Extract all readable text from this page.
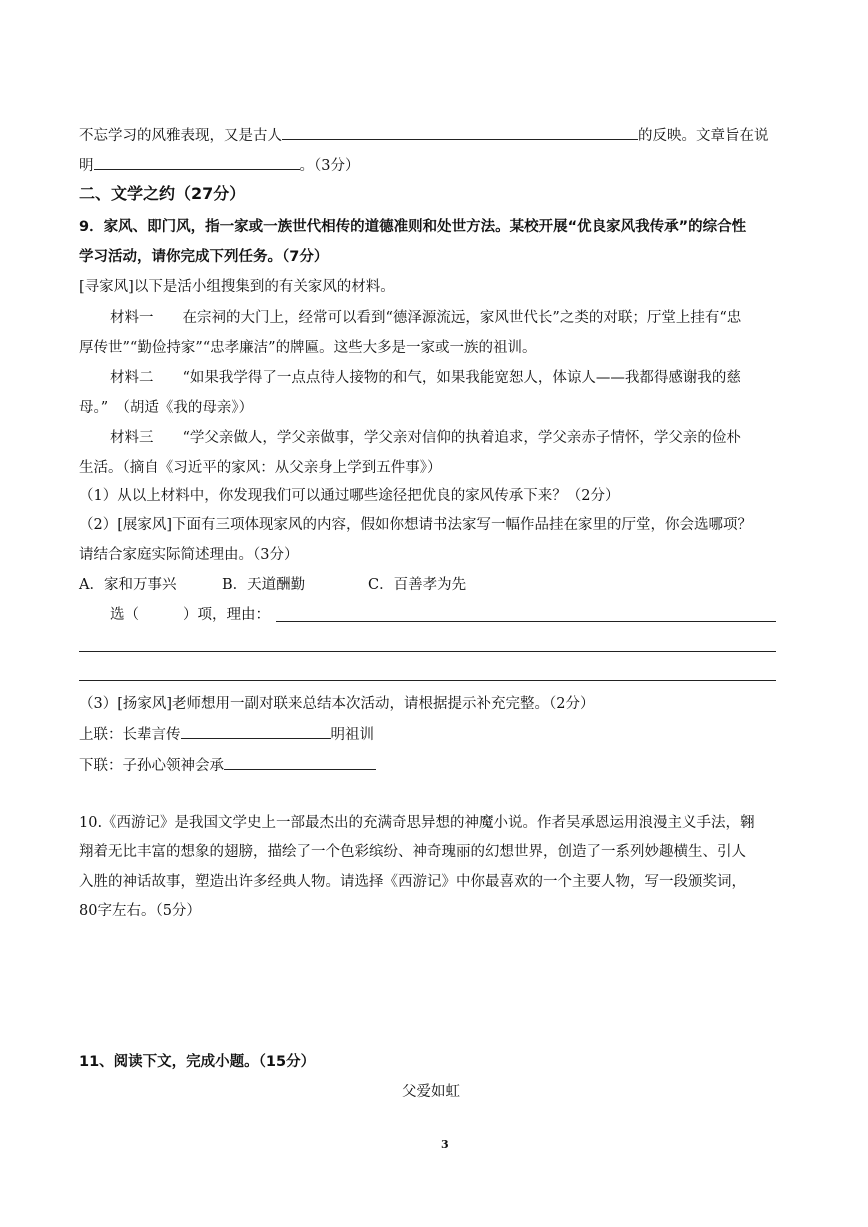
不忘学习的风雅表现，又是古人	的反映。文章旨在说
明	。（3分）
二、文学之约（27分）
9．家风、即门风，指一家或一族世代相传的道德准则和处世方法。某校开展“优良家风我传承”的综合性
学习活动，请你完成下列任务。（7分）
[寻家风]以下是活小组搜集到的有关家风的材料。
材料一　　在宗祠的大门上，经常可以看到“德泽源流远，家风世代长”之类的对联；厅堂上挂有“忠
厚传世”“勤俭持家”“忠孝廉洁”的牌匾。这些大多是一家或一族的祖训。
材料二　　“如果我学得了一点点待人接物的和气，如果我能宽恕人，体谅人——我都得感谢我的慈
母。”　（胡适《我的母亲》）
材料三　　“学父亲做人，学父亲做事，学父亲对信仰的执着追求，学父亲赤子情怀，学父亲的俭朴
生活。（摘自《习近平的家风：从父亲身上学到五件事》）
（1）从以上材料中，你发现我们可以通过哪些途径把优良的家风传承下来？（2分）
（2）[展家风]下面有三项体现家风的内容，假如你想请书法家写一幅作品挂在家里的厅堂，你会选哪项？
请结合家庭实际简述理由。（3分）
A．家和万事兴	B．天道酬勤	C．百善孝为先
选（	）项，理由：
（3）[扬家风]老师想用一副对联来总结本次活动，请根据提示补充完整。（2分）
上联：长辈言传	明祖训
下联：子孙心领神会承
10.《西游记》是我国文学史上一部最杰出的充满奇思异想的神魔小说。作者吴承恩运用浪漫主义手法，翱
翔着无比丰富的想象的翅膀，描绘了一个色彩缤纷、神奇瑰丽的幻想世界，创造了一系列妙趣横生、引人
入胜的神话故事，塑造出许多经典人物。请选择《西游记》中你最喜欢的一个主要人物，写一段颁奖词，
80字左右。（5分）
11、阅读下文，完成小题。（15分）
父爱如虹
3
